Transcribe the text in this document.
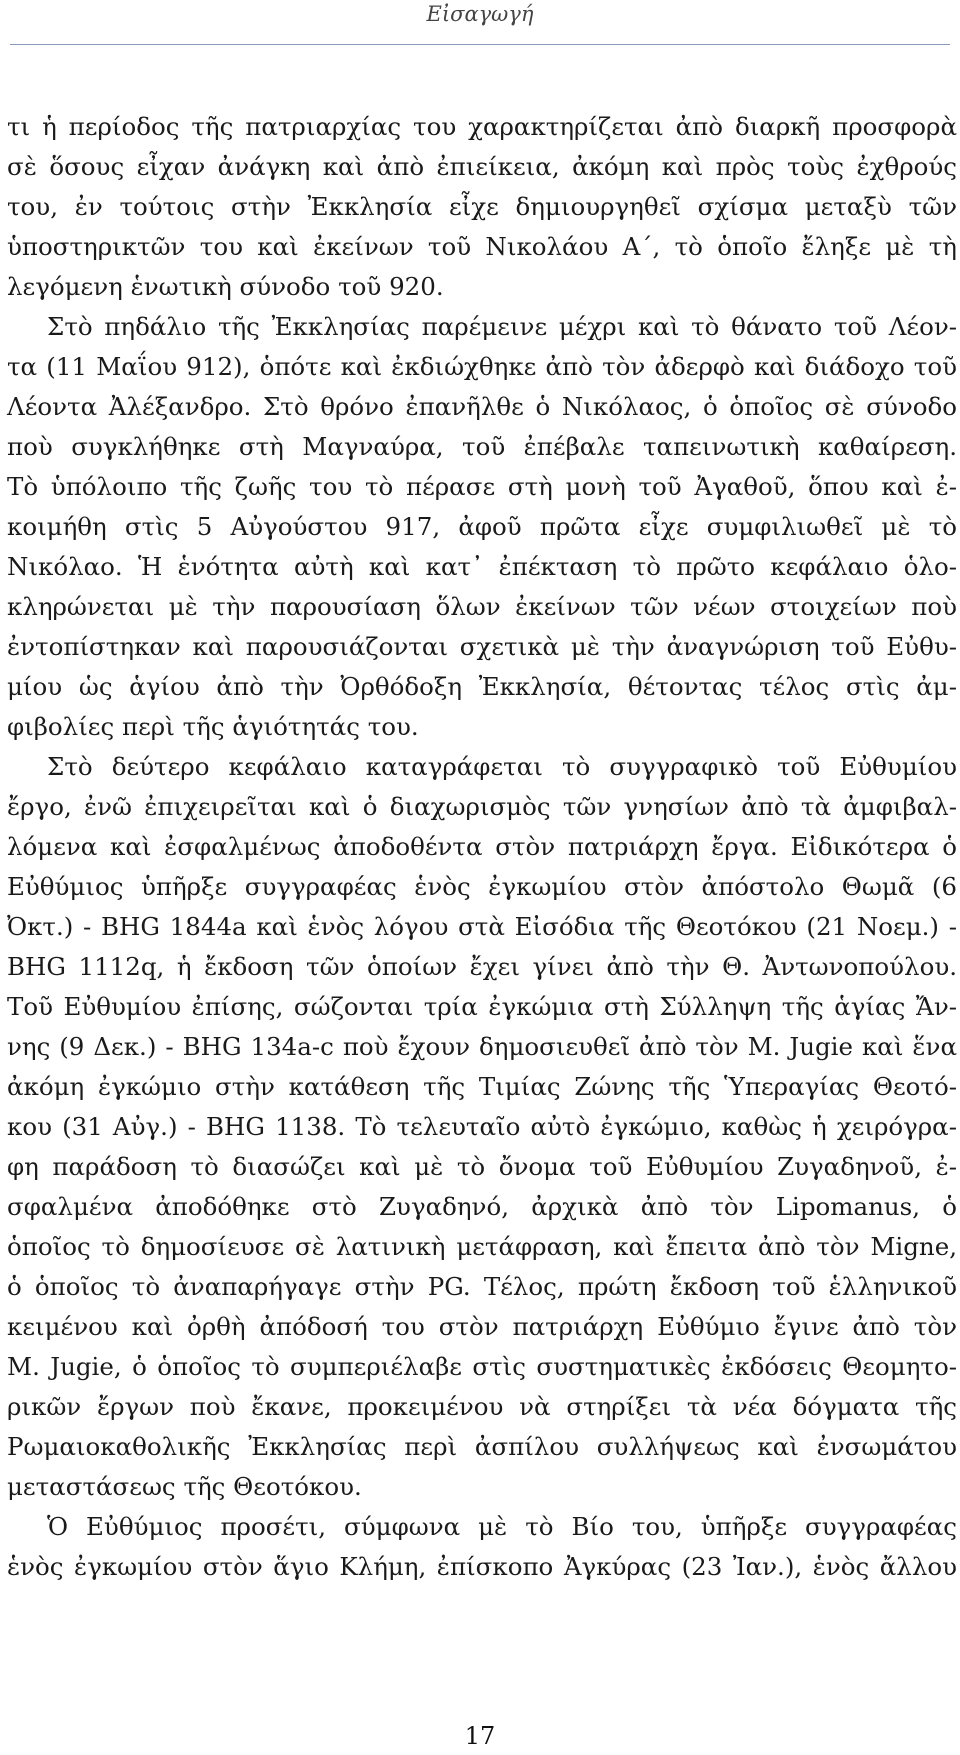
Εἰσαγωγή
τι ἡ περίοδος τῆς πατριαρχίας του χαρακτηρίζεται ἀπὸ διαρκῆ προσφορὰ
σὲ ὅσους εἶχαν ἀνάγκη καὶ ἀπὸ ἐπιείκεια, ἀκόμη καὶ πρὸς τοὺς ἐχθρούς
του, ἐν τούτοις στὴν Ἐκκλησία εἶχε δημιουργηθεῖ σχίσμα μεταξὺ τῶν
ὑποστηρικτῶν του καὶ ἐκείνων τοῦ Νικολάου Α΄, τὸ ὁποῖο ἔληξε μὲ τὴ
λεγόμενη ἑνωτικὴ σύνοδο τοῦ 920.
Στὸ πηδάλιο τῆς Ἐκκλησίας παρέμεινε μέχρι καὶ τὸ θάνατο τοῦ Λέον-
τα (11 Μαΐου 912), ὁπότε καὶ ἐκδιώχθηκε ἀπὸ τὸν ἀδερφὸ καὶ διάδοχο τοῦ
Λέοντα Ἀλέξανδρο. Στὸ θρόνο ἐπανῆλθε ὁ Νικόλαος, ὁ ὁποῖος σὲ σύνοδο
ποὺ συγκλήθηκε στὴ Μαγναύρα, τοῦ ἐπέβαλε ταπεινωτικὴ καθαίρεση.
Τὸ ὑπόλοιπο τῆς ζωῆς του τὸ πέρασε στὴ μονὴ τοῦ Ἀγαθοῦ, ὅπου καὶ ἐ-
κοιμήθη στὶς 5 Αὐγούστου 917, ἀφοῦ πρῶτα εἶχε συμφιλιωθεῖ μὲ τὸ
Νικόλαο. Ἡ ἑνότητα αὐτὴ καὶ κατ᾽ ἐπέκταση τὸ πρῶτο κεφάλαιο ὁλο-
κληρώνεται μὲ τὴν παρουσίαση ὅλων ἐκείνων τῶν νέων στοιχείων ποὺ
ἐντοπίστηκαν καὶ παρουσιάζονται σχετικὰ μὲ τὴν ἀναγνώριση τοῦ Εὐθυ-
μίου ὡς ἁγίου ἀπὸ τὴν Ὀρθόδοξη Ἐκκλησία, θέτοντας τέλος στὶς ἀμ-
φιβολίες περὶ τῆς ἁγιότητάς του.
Στὸ δεύτερο κεφάλαιο καταγράφεται τὸ συγγραφικὸ τοῦ Εὐθυμίου
ἔργο, ἐνῶ ἐπιχειρεῖται καὶ ὁ διαχωρισμὸς τῶν γνησίων ἀπὸ τὰ ἀμφιβαλ-
λόμενα καὶ ἐσφαλμένως ἀποδοθέντα στὸν πατριάρχη ἔργα. Εἰδικότερα ὁ
Εὐθύμιος ὑπῆρξε συγγραφέας ἑνὸς ἐγκωμίου στὸν ἀπόστολο Θωμᾶ (6
Ὀκτ.) - BHG 1844a καὶ ἑνὸς λόγου στὰ Εἰσόδια τῆς Θεοτόκου (21 Νοεμ.) -
BHG 1112q, ἡ ἔκδοση τῶν ὁποίων ἔχει γίνει ἀπὸ τὴν Θ. Ἀντωνοπούλου.
Τοῦ Εὐθυμίου ἐπίσης, σώζονται τρία ἐγκώμια στὴ Σύλληψη τῆς ἁγίας Ἄν-
νης (9 Δεκ.) - BHG 134a-c ποὺ ἔχουν δημοσιευθεῖ ἀπὸ τὸν M. Jugie καὶ ἕνα
ἀκόμη ἐγκώμιο στὴν κατάθεση τῆς Τιμίας Ζώνης τῆς Ὑπεραγίας Θεοτό-
κου (31 Αὐγ.) - BHG 1138. Τὸ τελευταῖο αὐτὸ ἐγκώμιο, καθὼς ἡ χειρόγρα-
φη παράδοση τὸ διασώζει καὶ μὲ τὸ ὄνομα τοῦ Εὐθυμίου Ζυγαδηνοῦ, ἐ-
σφαλμένα ἀποδόθηκε στὸ Ζυγαδηνό, ἀρχικὰ ἀπὸ τὸν Lipomanus, ὁ
ὁποῖος τὸ δημοσίευσε σὲ λατινικὴ μετάφραση, καὶ ἔπειτα ἀπὸ τὸν Migne,
ὁ ὁποῖος τὸ ἀναπαρήγαγε στὴν PG. Τέλος, πρώτη ἔκδοση τοῦ ἑλληνικοῦ
κειμένου καὶ ὀρθὴ ἀπόδοσή του στὸν πατριάρχη Εὐθύμιο ἔγινε ἀπὸ τὸν
M. Jugie, ὁ ὁποῖος τὸ συμπεριέλαβε στὶς συστηματικὲς ἐκδόσεις Θεομητο-
ρικῶν ἔργων ποὺ ἔκανε, προκειμένου νὰ στηρίξει τὰ νέα δόγματα τῆς
Ρωμαιοκαθολικῆς Ἐκκλησίας περὶ ἀσπίλου συλλήψεως καὶ ἐνσωμάτου
μεταστάσεως τῆς Θεοτόκου.
Ὁ Εὐθύμιος προσέτι, σύμφωνα μὲ τὸ Βίο του, ὑπῆρξε συγγραφέας
ἑνὸς ἐγκωμίου στὸν ἅγιο Κλήμη, ἐπίσκοπο Ἀγκύρας (23 Ἰαν.), ἑνὸς ἄλλου
17
